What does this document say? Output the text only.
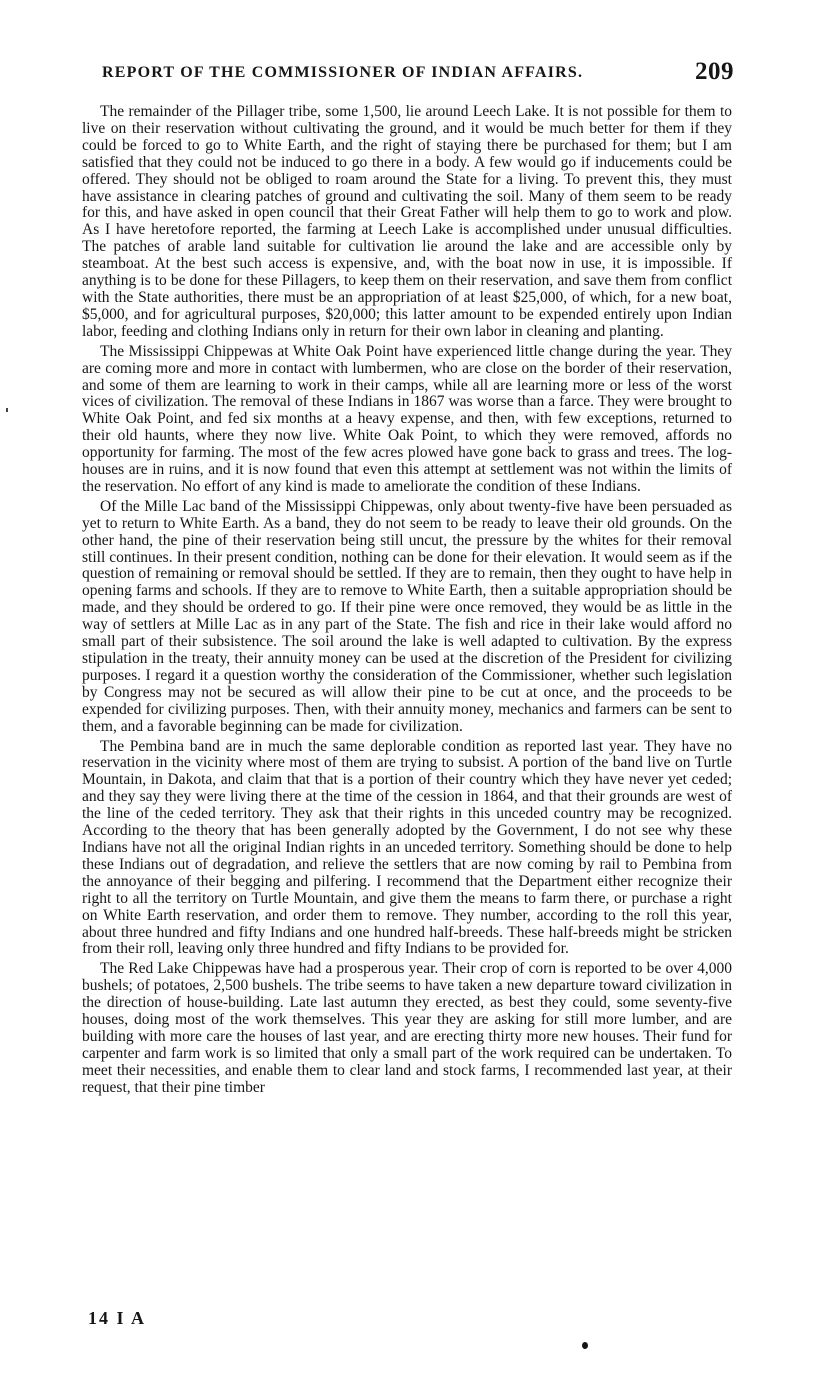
REPORT OF THE COMMISSIONER OF INDIAN AFFAIRS.	209

The remainder of the Pillager tribe, some 1,500, lie around Leech Lake. It is not possible for them to live on their reservation without cultivating the ground, and it would be much better for them if they could be forced to go to White Earth, and the right of staying there be purchased for them; but I am satisfied that they could not be induced to go there in a body. A few would go if inducements could be offered. They should not be obliged to roam around the State for a living. To prevent this, they must have assistance in clearing patches of ground and cultivating the soil. Many of them seem to be ready for this, and have asked in open council that their Great Father will help them to go to work and plow. As I have heretofore reported, the farming at Leech Lake is accomplished under unusual difficulties. The patches of arable land suitable for cultivation lie around the lake and are accessible only by steamboat. At the best such access is expensive, and, with the boat now in use, it is impossible. If anything is to be done for these Pillagers, to keep them on their reservation, and save them from conflict with the State authorities, there must be an appropriation of at least $25,000, of which, for a new boat, $5,000, and for agricultural purposes, $20,000; this latter amount to be expended entirely upon Indian labor, feeding and clothing Indians only in return for their own labor in cleaning and planting.

The Mississippi Chippewas at White Oak Point have experienced little change during the year. They are coming more and more in contact with lumbermen, who are close on the border of their reservation, and some of them are learning to work in their camps, while all are learning more or less of the worst vices of civilization. The removal of these Indians in 1867 was worse than a farce. They were brought to White Oak Point, and fed six months at a heavy expense, and then, with few exceptions, returned to their old haunts, where they now live. White Oak Point, to which they were removed, affords no opportunity for farming. The most of the few acres plowed have gone back to grass and trees. The log-houses are in ruins, and it is now found that even this attempt at settlement was not within the limits of the reservation. No effort of any kind is made to ameliorate the condition of these Indians.

Of the Mille Lac band of the Mississippi Chippewas, only about twenty-five have been persuaded as yet to return to White Earth. As a band, they do not seem to be ready to leave their old grounds. On the other hand, the pine of their reservation being still uncut, the pressure by the whites for their removal still continues. In their present condition, nothing can be done for their elevation. It would seem as if the question of remaining or removal should be settled. If they are to remain, then they ought to have help in opening farms and schools. If they are to remove to White Earth, then a suitable appropriation should be made, and they should be ordered to go. If their pine were once removed, they would be as little in the way of settlers at Mille Lac as in any part of the State. The fish and rice in their lake would afford no small part of their subsistence. The soil around the lake is well adapted to cultivation. By the express stipulation in the treaty, their annuity money can be used at the discretion of the President for civilizing purposes. I regard it a question worthy the consideration of the Commissioner, whether such legislation by Congress may not be secured as will allow their pine to be cut at once, and the proceeds to be expended for civilizing purposes. Then, with their annuity money, mechanics and farmers can be sent to them, and a favorable beginning can be made for civilization.

The Pembina band are in much the same deplorable condition as reported last year. They have no reservation in the vicinity where most of them are trying to subsist. A portion of the band live on Turtle Mountain, in Dakota, and claim that that is a portion of their country which they have never yet ceded; and they say they were living there at the time of the cession in 1864, and that their grounds are west of the line of the ceded territory. They ask that their rights in this unceded country may be recognized. According to the theory that has been generally adopted by the Government, I do not see why these Indians have not all the original Indian rights in an unceded territory. Something should be done to help these Indians out of degradation, and relieve the settlers that are now coming by rail to Pembina from the annoyance of their begging and pilfering. I recommend that the Department either recognize their right to all the territory on Turtle Mountain, and give them the means to farm there, or purchase a right on White Earth reservation, and order them to remove. They number, according to the roll this year, about three hundred and fifty Indians and one hundred half-breeds. These half-breeds might be stricken from their roll, leaving only three hundred and fifty Indians to be provided for.

The Red Lake Chippewas have had a prosperous year. Their crop of corn is reported to be over 4,000 bushels; of potatoes, 2,500 bushels. The tribe seems to have taken a new departure toward civilization in the direction of house-building. Late last autumn they erected, as best they could, some seventy-five houses, doing most of the work themselves. This year they are asking for still more lumber, and are building with more care the houses of last year, and are erecting thirty more new houses. Their fund for carpenter and farm work is so limited that only a small part of the work required can be undertaken. To meet their necessities, and enable them to clear land and stock farms, I recommended last year, at their request, that their pine timber

14 I A
